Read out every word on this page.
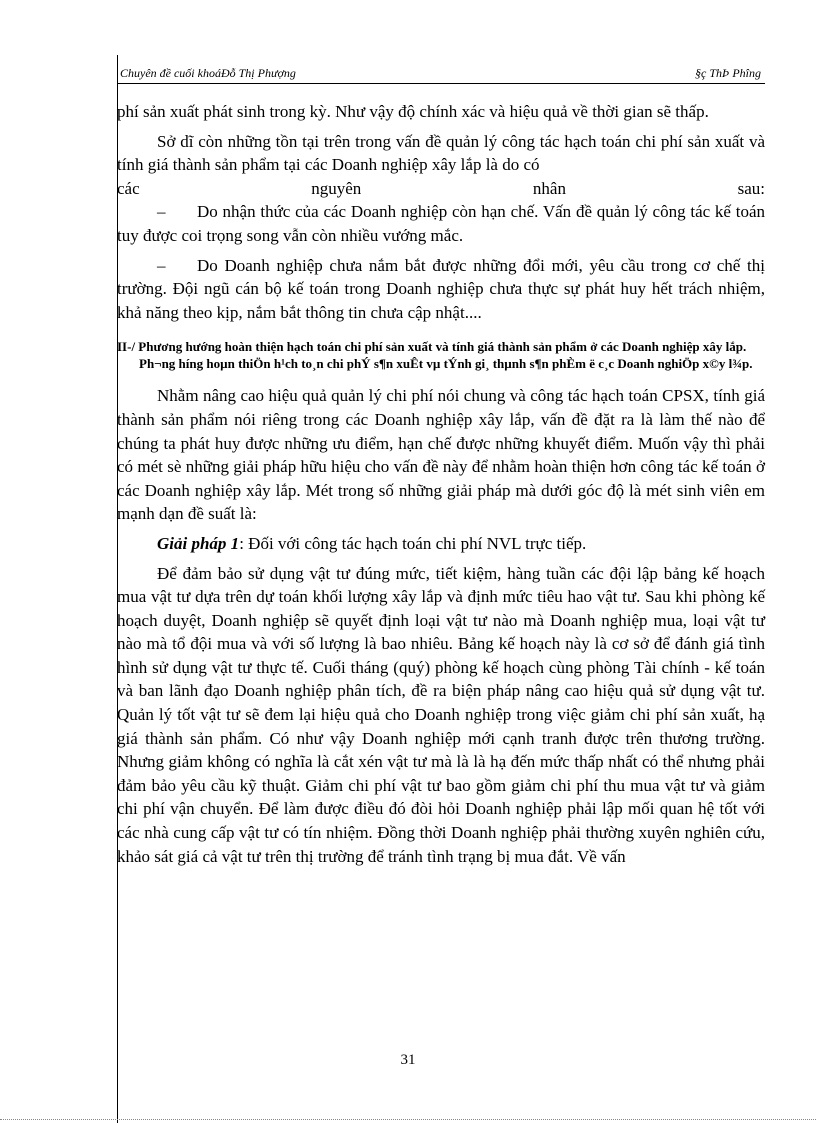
Chuyên đề cuối khoáĐỗ Thị Phượng	§ç ThÞ Phîng

phí sản xuất phát sinh trong kỳ. Như vậy độ chính xác và hiệu quả về thời gian sẽ thấp.

Sở dĩ còn những tồn tại trên trong vấn đề quản lý công tác hạch toán chi phí sản xuất và tính giá thành sản phẩm tại các Doanh nghiệp xây lắp là do có

các nguyên nhân sau:

– Do nhận thức của các Doanh nghiệp còn hạn chế. Vấn đề quản lý công tác kế toán tuy được coi trọng song vẫn còn nhiều vướng mắc.

– Do Doanh nghiệp chưa nắm bắt được những đổi mới, yêu cầu trong cơ chế thị trường. Đội ngũ cán bộ kế toán trong Doanh nghiệp chưa thực sự phát huy hết trách nhiệm, khả năng theo kịp, nắm bắt thông tin chưa cập nhật....

II-/ Phương hướng hoàn thiện hạch toán chi phí sản xuất và tính giá thành sản phẩm ở các Doanh nghiệp xây lắp. Ph¬ng híng hoµn thiÖn h¹ch to¸n chi phÝ s¶n xuÊt vµ tÝnh gi¸ thµnh s¶n phÈm ë c¸c Doanh nghiÖp x©y l¾p.

Nhằm nâng cao hiệu quả quản lý chi phí nói chung và công tác hạch toán CPSX, tính giá thành sản phẩm nói riêng trong các Doanh nghiệp xây lắp, vấn đề đặt ra là làm thế nào để chúng ta phát huy được những ưu điểm, hạn chế được những khuyết điểm. Muốn vậy thì phải có mét sè những giải pháp hữu hiệu cho vấn đề này để nhằm hoàn thiện hơn công tác kế toán ở các Doanh nghiệp xây lắp. Mét trong số những giải pháp mà dưới góc độ là mét sinh viên em mạnh dạn đề suất là:

Giải pháp 1: Đối với công tác hạch toán chi phí NVL trực tiếp.

Để đảm bảo sử dụng vật tư đúng mức, tiết kiệm, hàng tuần các đội lập bảng kế hoạch mua vật tư dựa trên dự toán khối lượng xây lắp và định mức tiêu hao vật tư. Sau khi phòng kế hoạch duyệt, Doanh nghiệp sẽ quyết định loại vật tư nào mà Doanh nghiệp mua, loại vật tư nào mà tổ đội mua và với số lượng là bao nhiêu. Bảng kế hoạch này là cơ sở để đánh giá tình hình sử dụng vật tư thực tế. Cuối tháng (quý) phòng kế hoạch cùng phòng Tài chính - kế toán và ban lãnh đạo Doanh nghiệp phân tích, đề ra biện pháp nâng cao hiệu quả sử dụng vật tư. Quản lý tốt vật tư sẽ đem lại hiệu quả cho Doanh nghiệp trong việc giảm chi phí sản xuất, hạ giá thành sản phẩm. Có như vậy Doanh nghiệp mới cạnh tranh được trên thương trường. Nhưng giảm không có nghĩa là cắt xén vật tư mà là là hạ đến mức thấp nhất có thể nhưng phải đảm bảo yêu cầu kỹ thuật. Giảm chi phí vật tư bao gồm giảm chi phí thu mua vật tư và giảm chi phí vận chuyển. Để làm được điều đó đòi hỏi Doanh nghiệp phải lập mối quan hệ tốt với các nhà cung cấp vật tư có tín nhiệm. Đồng thời Doanh nghiệp phải thường xuyên nghiên cứu, khảo sát giá cả vật tư trên thị trường để tránh tình trạng bị mua đắt. Về vấn

31
